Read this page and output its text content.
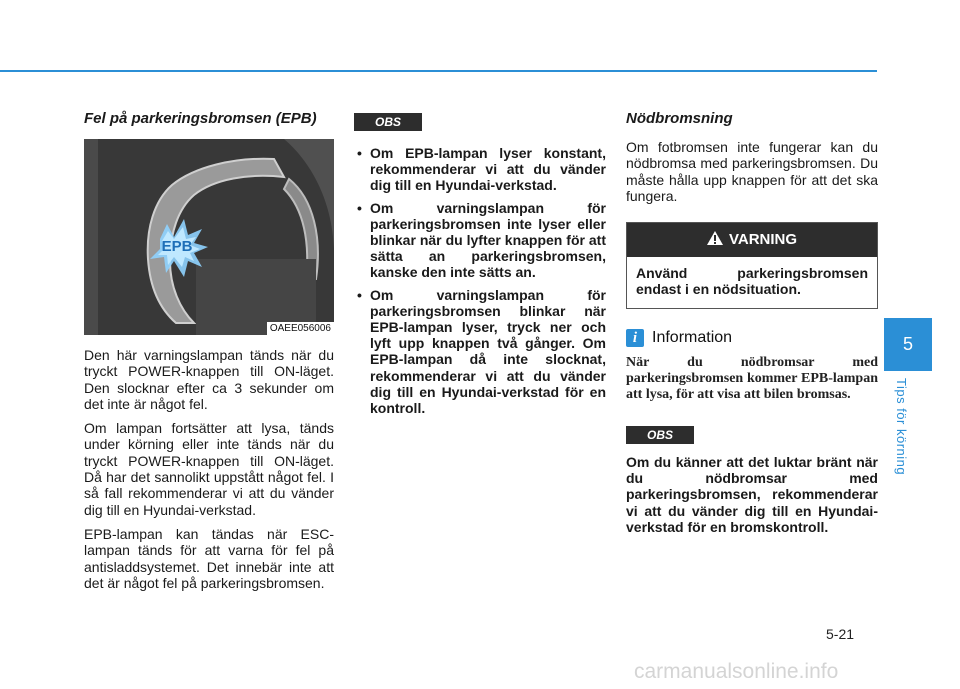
Fel på parkeringsbromsen (EPB)
EPB
OAEE056006
Den här varningslampan tänds när du tryckt POWER-knappen till ON-läget. Den slocknar efter ca 3 sekunder om det inte är något fel.
Om lampan fortsätter att lysa, tänds under körning eller inte tänds när du tryckt POWER-knappen till ON-läget. Då har det sannolikt uppstått något fel. I så fall rekommenderar vi att du vänder dig till en Hyundai-verkstad.
EPB-lampan kan tändas när ESC-lampan tänds för att varna för fel på antisladdsystemet. Det innebär inte att det är något fel på parkeringsbromsen.
OBS
• Om EPB-lampan lyser konstant, rekommenderar vi att du vänder dig till en Hyundai-verkstad.
• Om varningslampan för parkeringsbromsen inte lyser eller blinkar när du lyfter knappen för att sätta an parkeringsbromsen, kanske den inte sätts an.
• Om varningslampan för parkeringsbromsen blinkar när EPB-lampan lyser, tryck ner och lyft upp knappen två gånger. Om EPB-lampan då inte slocknat, rekommenderar vi att du vänder dig till en Hyundai-verkstad för en kontroll.
Nödbromsning
Om fotbromsen inte fungerar kan du nödbromsa med parkeringsbromsen. Du måste hålla upp knappen för att det ska fungera.
VARNING
Använd parkeringsbromsen endast i en nödsituation.
i Information
När du nödbromsar med parkeringsbromsen kommer EPB-lampan att lysa, för att visa att bilen bromsas.
OBS
Om du känner att det luktar bränt när du nödbromsar med parkeringsbromsen, rekommenderar vi att du vänder dig till en Hyundai-verkstad för en bromskontroll.
5
Tips för körning
5-21
carmanualsonline.info
